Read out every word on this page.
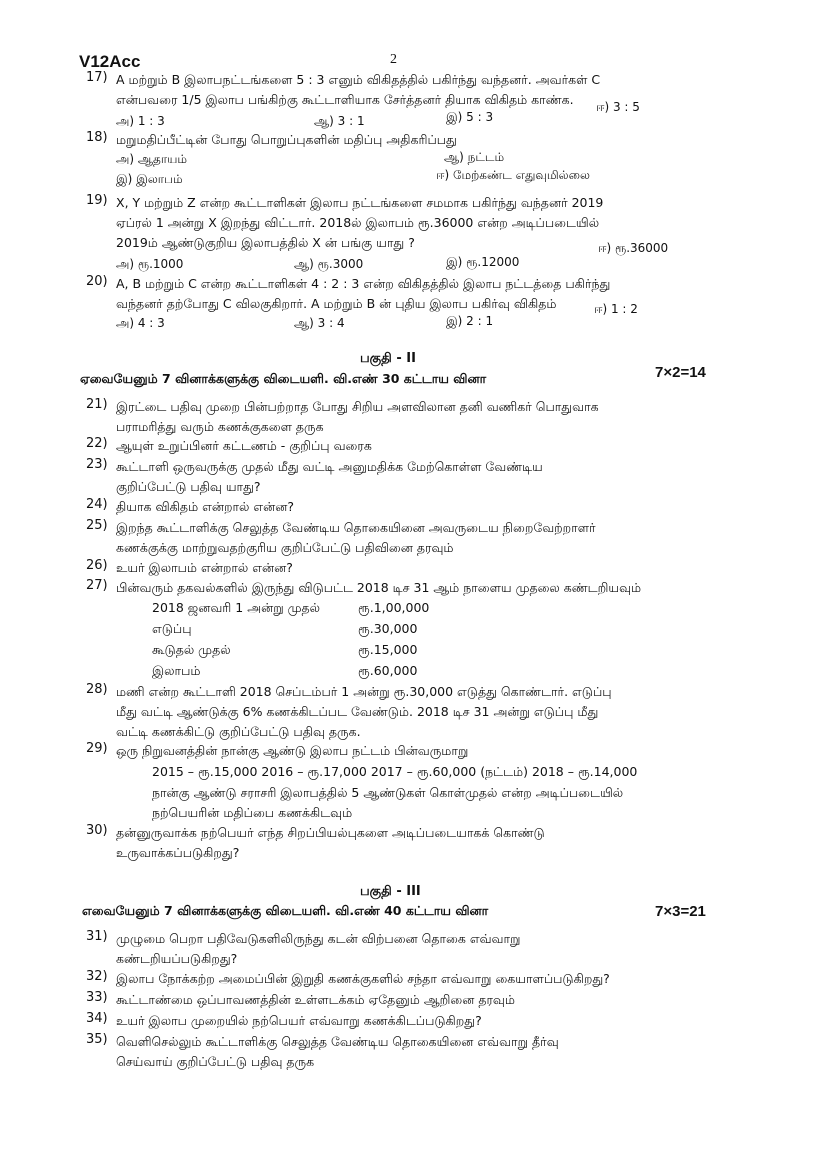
V12Acc	2
17) A மற்றும் B இலாபநட்டங்களை 5 : 3 எனும் விகிதத்தில் பகிர்ந்து வந்தனர். அவர்கள் C
என்பவரை 1/5 இலாப பங்கிற்கு கூட்டாளியாக சேர்த்தனர் தியாக விகிதம் காண்க.
அ) 1 : 3	ஆ) 3 : 1	இ) 5 : 3
ஈ) 3 : 5
18) மறுமதிப்பீட்டின் போது பொறுப்புகளின் மதிப்பு அதிகரிப்பது
அ) ஆதாயம்	ஆ) நட்டம்
இ) இலாபம்	ஈ) மேற்கண்ட எதுவுமில்லை
19) X, Y மற்றும் Z என்ற கூட்டாளிகள் இலாப நட்டங்களை சமமாக பகிர்ந்து வந்தனர் 2019
ஏப்ரல் 1 அன்று X இறந்து விட்டார். 2018ல் இலாபம் ரூ.36000 என்ற அடிப்படையில்
2019ம் ஆண்டுகுறிய இலாபத்தில் X ன் பங்கு யாது ?
அ) ரூ.1000	ஆ) ரூ.3000	இ) ரூ.12000
ஈ) ரூ.36000
20) A, B மற்றும் C என்ற கூட்டாளிகள் 4 : 2 : 3 என்ற விகிதத்தில் இலாப நட்டத்தை பகிர்ந்து
வந்தனர் தற்போது C விலகுகிறார். A மற்றும் B ன் புதிய இலாப பகிர்வு விகிதம்
அ) 4 : 3	ஆ) 3 : 4	இ) 2 : 1
ஈ) 1 : 2
பகுதி - II
ஏவையேனும் 7 வினாக்களுக்கு விடையளி. வி.எண் 30 கட்டாய வினா	7×2=14
21) இரட்டை பதிவு முறை பின்பற்றாத போது சிறிய அளவிலான தனி வணிகர் பொதுவாக
பராமரித்து வரும் கணக்குகளை தருக
22) ஆயுள் உறுப்பினர் கட்டணம் - குறிப்பு வரைக
23) கூட்டாளி ஒருவருக்கு முதல் மீது வட்டி அனுமதிக்க மேற்கொள்ள வேண்டிய
குறிப்பேட்டு பதிவு யாது?
24) தியாக விகிதம் என்றால் என்ன?
25) இறந்த கூட்டாளிக்கு செலுத்த வேண்டிய தொகையினை அவருடைய நிறைவேற்றாளர்
கணக்குக்கு மாற்றுவதற்குரிய குறிப்பேட்டு பதிவினை தரவும்
26) உயர் இலாபம் என்றால் என்ன?
27) பின்வரும் தகவல்களில் இருந்து விடுபட்ட 2018 டிச 31 ஆம் நாளைய முதலை கண்டறியவும்
2018 ஜனவரி 1 அன்று முதல்	ரூ.1,00,000
எடுப்பு	ரூ.30,000
கூடுதல் முதல்	ரூ.15,000
இலாபம்	ரூ.60,000
28) மணி என்ற கூட்டாளி 2018 செப்டம்பர் 1 அன்று ரூ.30,000 எடுத்து கொண்டார். எடுப்பு
மீது வட்டி ஆண்டுக்கு 6% கணக்கிடப்பட வேண்டும். 2018 டிச 31 அன்று எடுப்பு மீது
வட்டி கணக்கிட்டு குறிப்பேட்டு பதிவு தருக.
29) ஒரு நிறுவனத்தின் நான்கு ஆண்டு இலாப நட்டம் பின்வருமாறு
2015 – ரூ.15,000 2016 – ரூ.17,000 2017 – ரூ.60,000 (நட்டம்) 2018 – ரூ.14,000
நான்கு ஆண்டு சராசரி இலாபத்தில் 5 ஆண்டுகள் கொள்முதல் என்ற அடிப்படையில்
நற்பெயரின் மதிப்பை கணக்கிடவும்
30) தன்னுருவாக்க நற்பெயர் எந்த சிறப்பியல்புகளை அடிப்படையாகக் கொண்டு
உருவாக்கப்படுகிறது?
பகுதி - III
எவையேனும் 7 வினாக்களுக்கு விடையளி. வி.எண் 40 கட்டாய வினா	7×3=21
31) முழுமை பெறா பதிவேடுகளிலிருந்து கடன் விற்பனை தொகை எவ்வாறு
கண்டறியப்படுகிறது?
32) இலாப நோக்கற்ற அமைப்பின் இறுதி கணக்குகளில் சந்தா எவ்வாறு கையாளப்படுகிறது?
33) கூட்டாண்மை ஒப்பாவணத்தின் உள்ளடக்கம் ஏதேனும் ஆறினை தரவும்
34) உயர் இலாப முறையில் நற்பெயர் எவ்வாறு கணக்கிடப்படுகிறது?
35) வெளிசெல்லும் கூட்டாளிக்கு செலுத்த வேண்டிய தொகையினை எவ்வாறு தீர்வு
செய்வாய் குறிப்பேட்டு பதிவு தருக
